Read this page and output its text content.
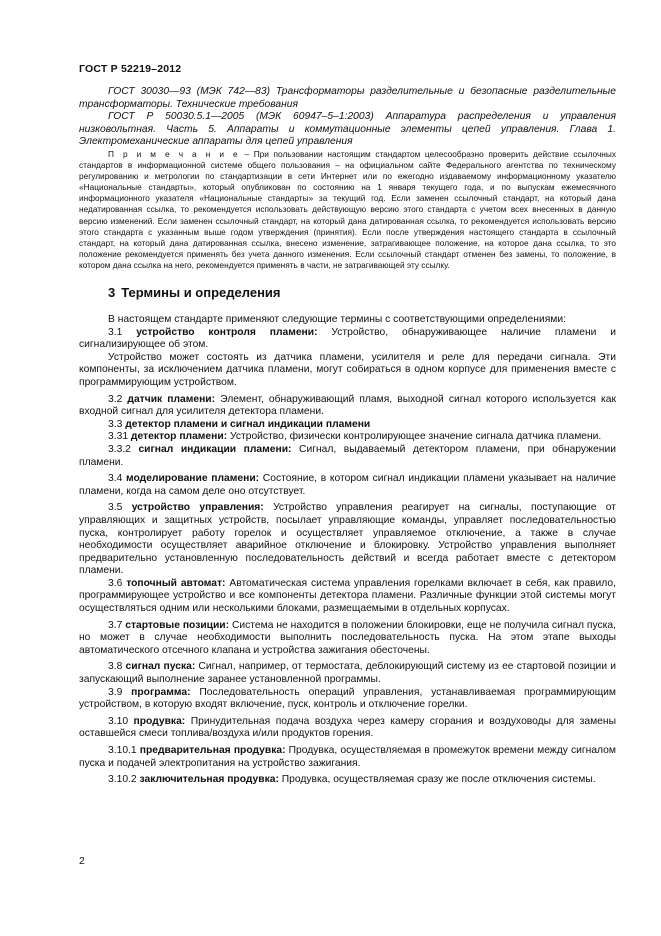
ГОСТ Р 52219–2012

ГОСТ 30030—93 (МЭК 742—83) Трансформаторы разделительные и безопасные разделительные трансформаторы. Технические требования

ГОСТ Р 50030.5.1—2005 (МЭК 60947–5–1:2003) Аппаратура распределения и управления низковольтная. Часть 5. Аппараты и коммутационные элементы цепей управления. Глава 1. Электромеханические аппараты для цепей управления

П р и м е ч а н и е – При пользовании настоящим стандартом целесообразно проверить действие ссылочных стандартов в информационной системе общего пользования – на официальном сайте Федерального агентства по техническому регулированию и метрологии по стандартизации в сети Интернет или по ежегодно издаваемому информационному указателю «Национальные стандарты», который опубликован по состоянию на 1 января текущего года, и по выпускам ежемесячного информационного указателя «Национальные стандарты» за текущий год. Если заменен ссылочный стандарт, на который дана недатированная ссылка, то рекомендуется использовать действующую версию этого стандарта с учетом всех внесенных в данную версию изменений. Если заменен ссылочный стандарт, на который дана датированная ссылка, то рекомендуется использовать версию этого стандарта с указанным выше годом утверждения (принятия). Если после утверждения настоящего стандарта в ссылочный стандарт, на который дана датированная ссылка, внесено изменение, затрагивающее положение, на которое дана ссылка, то это положение рекомендуется применять без учета данного изменения. Если ссылочный стандарт отменен без замены, то положение, в котором дана ссылка на него, рекомендуется применять в части, не затрагивающей эту ссылку.

3 Термины и определения

В настоящем стандарте применяют следующие термины с соответствующими определениями:

3.1 устройство контроля пламени: Устройство, обнаруживающее наличие пламени и сигнализирующее об этом.

Устройство может состоять из датчика пламени, усилителя и реле для передачи сигнала. Эти компоненты, за исключением датчика пламени, могут собираться в одном корпусе для применения вместе с программирующим устройством.

3.2 датчик пламени: Элемент, обнаруживающий пламя, выходной сигнал которого используется как входной сигнал для усилителя детектора пламени.

3.3 детектор пламени и сигнал индикации пламени

3.31 детектор пламени: Устройство, физически контролирующее значение сигнала датчика пламени.

3.3.2 сигнал индикации пламени: Сигнал, выдаваемый детектором пламени, при обнаружении пламени.

3.4 моделирование пламени: Состояние, в котором сигнал индикации пламени указывает на наличие пламени, когда на самом деле оно отсутствует.

3.5 устройство управления: Устройство управления реагирует на сигналы, поступающие от управляющих и защитных устройств, посылает управляющие команды, управляет последовательностью пуска, контролирует работу горелок и осуществляет управляемое отключение, а также в случае необходимости осуществляет аварийное отключение и блокировку. Устройство управления выполняет предварительно установленную последовательность действий и всегда работает вместе с детектором пламени.

3.6 топочный автомат: Автоматическая система управления горелками включает в себя, как правило, программирующее устройство и все компоненты детектора пламени. Различные функции этой системы могут осуществляться одним или несколькими блоками, размещаемыми в отдельных корпусах.

3.7 стартовые позиции: Система не находится в положении блокировки, еще не получила сигнал пуска, но может в случае необходимости выполнить последовательность пуска. На этом этапе выходы автоматического отсечного клапана и устройства зажигания обесточены.

3.8 сигнал пуска: Сигнал, например, от термостата, деблокирующий систему из ее стартовой позиции и запускающий выполнение заранее установленной программы.

3.9 программа: Последовательность операций управления, устанавливаемая программирующим устройством, в которую входят включение, пуск, контроль и отключение горелки.

3.10 продувка: Принудительная подача воздуха через камеру сгорания и воздуховоды для замены оставшейся смеси топлива/воздуха и/или продуктов горения.

3.10.1 предварительная продувка: Продувка, осуществляемая в промежуток времени между сигналом пуска и подачей электропитания на устройство зажигания.

3.10.2 заключительная продувка: Продувка, осуществляемая сразу же после отключения системы.

2
